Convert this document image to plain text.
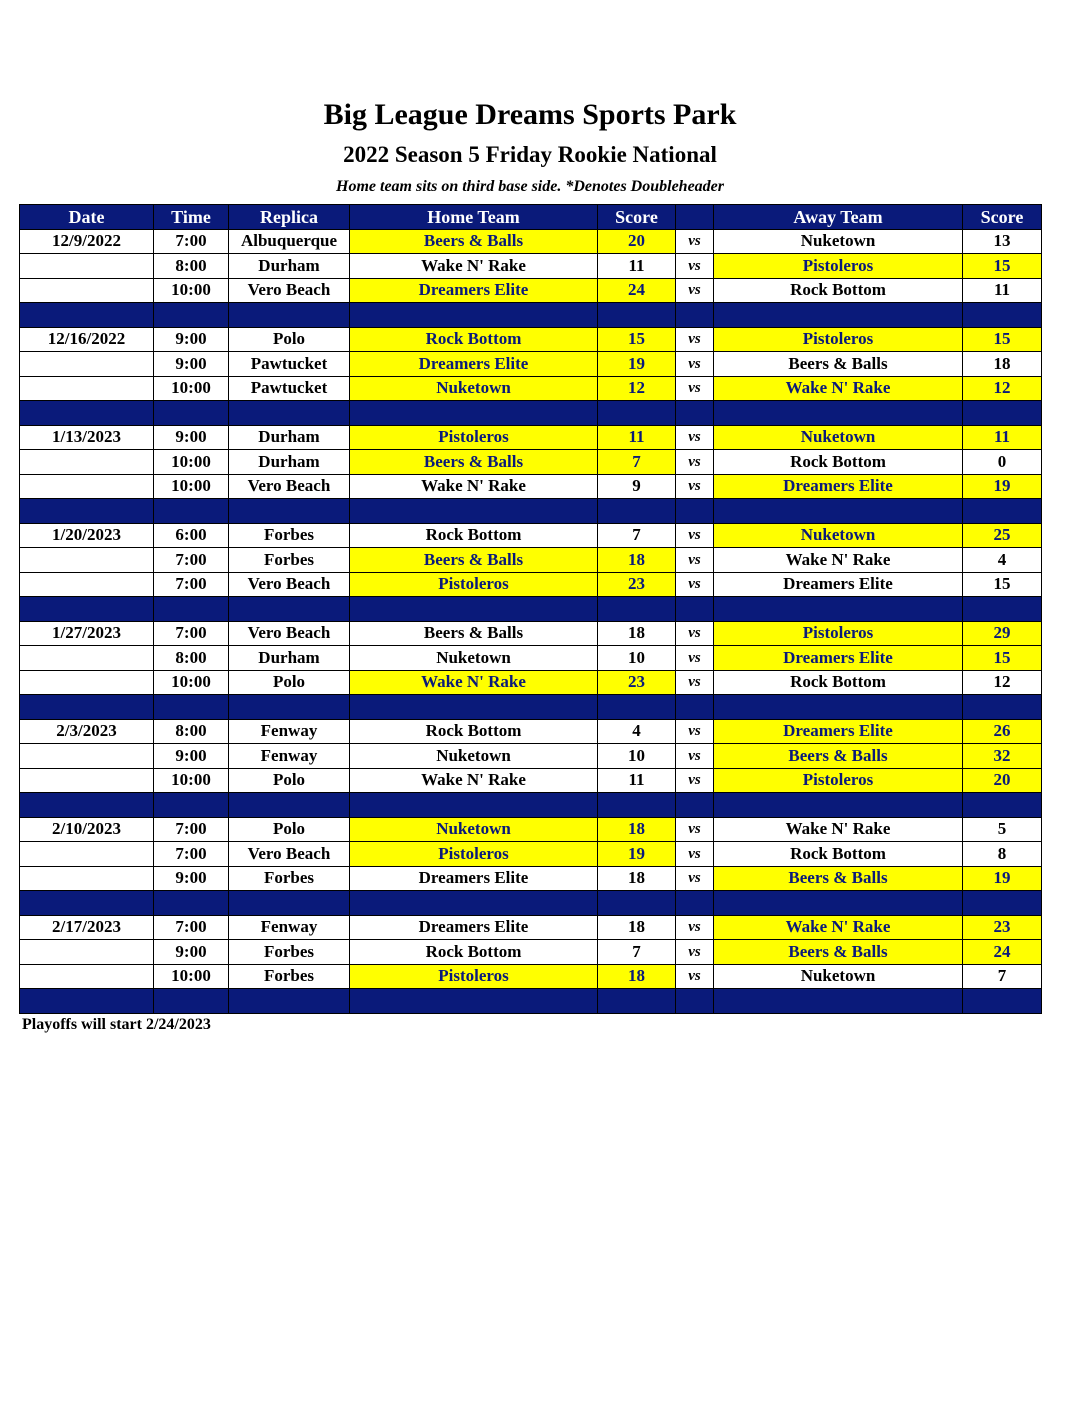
Big League Dreams Sports Park
2022 Season 5 Friday Rookie National
Home team sits on third base side. *Denotes Doubleheader
Date	Time	Replica	Home Team	Score		Away Team	Score
12/9/2022	7:00	Albuquerque	Beers & Balls	20	vs	Nuketown	13
	8:00	Durham	Wake N' Rake	11	vs	Pistoleros	15
	10:00	Vero Beach	Dreamers Elite	24	vs	Rock Bottom	11

12/16/2022	9:00	Polo	Rock Bottom	15	vs	Pistoleros	15
	9:00	Pawtucket	Dreamers Elite	19	vs	Beers & Balls	18
	10:00	Pawtucket	Nuketown	12	vs	Wake N' Rake	12

1/13/2023	9:00	Durham	Pistoleros	11	vs	Nuketown	11
	10:00	Durham	Beers & Balls	7	vs	Rock Bottom	0
	10:00	Vero Beach	Wake N' Rake	9	vs	Dreamers Elite	19

1/20/2023	6:00	Forbes	Rock Bottom	7	vs	Nuketown	25
	7:00	Forbes	Beers & Balls	18	vs	Wake N' Rake	4
	7:00	Vero Beach	Pistoleros	23	vs	Dreamers Elite	15

1/27/2023	7:00	Vero Beach	Beers & Balls	18	vs	Pistoleros	29
	8:00	Durham	Nuketown	10	vs	Dreamers Elite	15
	10:00	Polo	Wake N' Rake	23	vs	Rock Bottom	12

2/3/2023	8:00	Fenway	Rock Bottom	4	vs	Dreamers Elite	26
	9:00	Fenway	Nuketown	10	vs	Beers & Balls	32
	10:00	Polo	Wake N' Rake	11	vs	Pistoleros	20

2/10/2023	7:00	Polo	Nuketown	18	vs	Wake N' Rake	5
	7:00	Vero Beach	Pistoleros	19	vs	Rock Bottom	8
	9:00	Forbes	Dreamers Elite	18	vs	Beers & Balls	19

2/17/2023	7:00	Fenway	Dreamers Elite	18	vs	Wake N' Rake	23
	9:00	Forbes	Rock Bottom	7	vs	Beers & Balls	24
	10:00	Forbes	Pistoleros	18	vs	Nuketown	7

Playoffs will start 2/24/2023
